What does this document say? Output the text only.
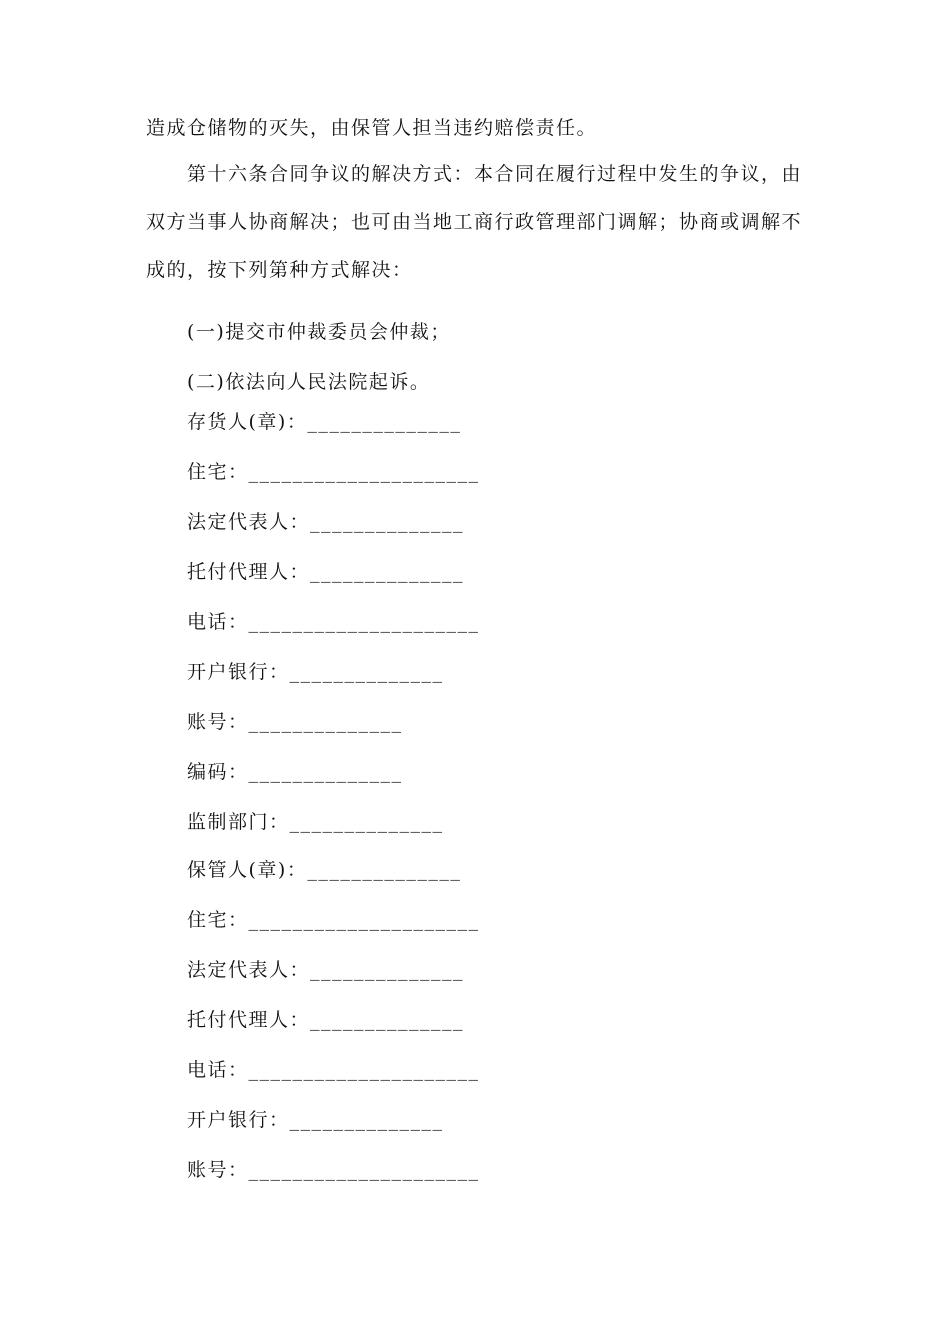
造成仓储物的灭失，由保管人担当违约赔偿责任。

第十六条合同争议的解决方式：本合同在履行过程中发生的争议，由双方当事人协商解决；也可由当地工商行政管理部门调解；协商或调解不成的，按下列第种方式解决：

(一)提交市仲裁委员会仲裁；

(二)依法向人民法院起诉。

存货人(章)：______________
住宅：_____________________
法定代表人：______________
托付代理人：______________
电话：_____________________
开户银行：______________
账号：______________
编码：______________
监制部门：______________
保管人(章)：______________
住宅：_____________________
法定代表人：______________
托付代理人：______________
电话：_____________________
开户银行：______________
账号：_____________________
